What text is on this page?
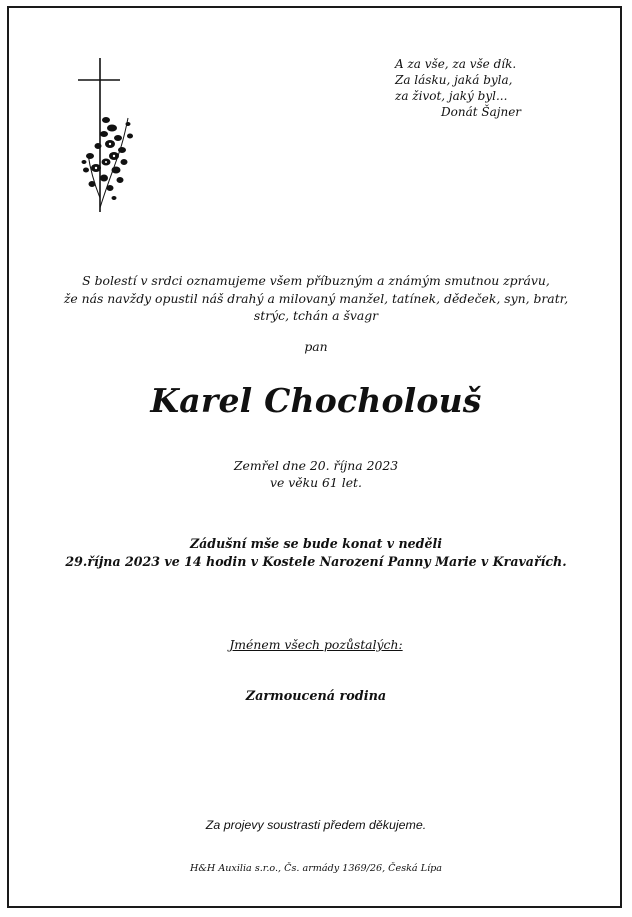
A za vše, za vše dík.
Za lásku, jaká byla,
za život, jaký byl...
Donát Šajner
S bolestí v srdci oznamujeme všem příbuzným a známým smutnou zprávu,
že nás navždy opustil náš drahý a milovaný manžel, tatínek, dědeček, syn, bratr,
strýc, tchán a švagr
pan
Karel Chocholouš
Zemřel dne 20. října 2023
ve věku 61 let.
Zádušní mše se bude konat v neděli
29.října 2023 ve 14 hodin v Kostele Narození Panny Marie v Kravařích.
Jménem všech pozůstalých:
Zarmoucená rodina
Za projevy soustrasti předem děkujeme.
H&H Auxilia s.r.o., Čs. armády 1369/26, Česká Lípa
